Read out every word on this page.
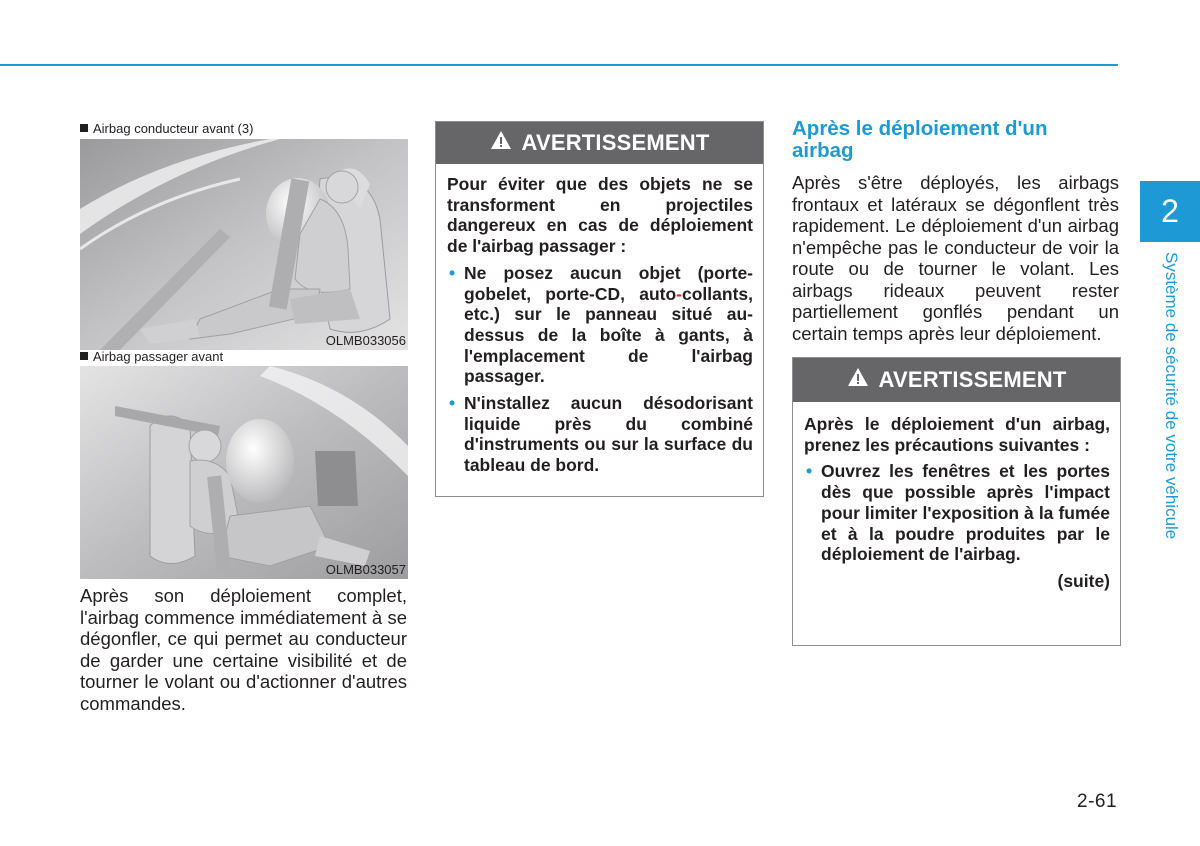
Airbag conducteur avant (3)
OLMB033056
Airbag passager avant
OLMB033057

Après son déploiement complet, l'airbag commence immédiatement à se dégonfler, ce qui permet au conducteur de garder une certaine visibilité et de tourner le volant ou d'actionner d'autres commandes.

AVERTISSEMENT

Pour éviter que des objets ne se transforment en projectiles dangereux en cas de déploiement de l'airbag passager :

• Ne posez aucun objet (porte-gobelet, porte-CD, auto-collants, etc.) sur le panneau situé au-dessus de la boîte à gants, à l'emplacement de l'airbag passager.
• N'installez aucun désodorisant liquide près du combiné d'instruments ou sur la surface du tableau de bord.
Après le déploiement d'un airbag

Après s'être déployés, les airbags frontaux et latéraux se dégonflent très rapidement. Le déploiement d'un airbag n'empêche pas le conducteur de voir la route ou de tourner le volant. Les airbags rideaux peuvent rester partiellement gonflés pendant un certain temps après leur déploiement.

AVERTISSEMENT

Après le déploiement d'un airbag, prenez les précautions suivantes :

• Ouvrez les fenêtres et les portes dès que possible après l'impact pour limiter l'exposition à la fumée et à la poudre produites par le déploiement de l'airbag.
(suite)
2
Système de sécurité de votre véhicule
2-61
